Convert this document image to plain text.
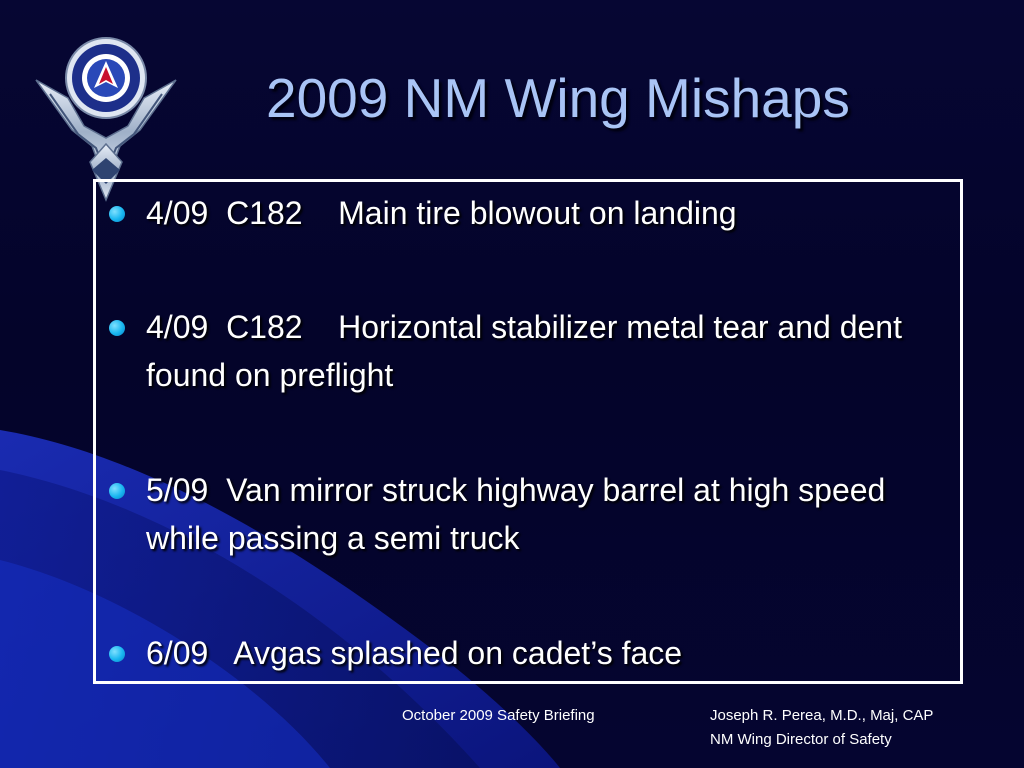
2009 NM Wing Mishaps
4/09  C182    Main tire blowout on landing
4/09  C182    Horizontal stabilizer metal tear and dent found on preflight
5/09  Van mirror struck highway barrel at high speed while passing a semi truck
6/09   Avgas splashed on cadet’s face
October 2009 Safety Briefing	Joseph R. Perea, M.D., Maj, CAP
NM Wing Director of Safety
